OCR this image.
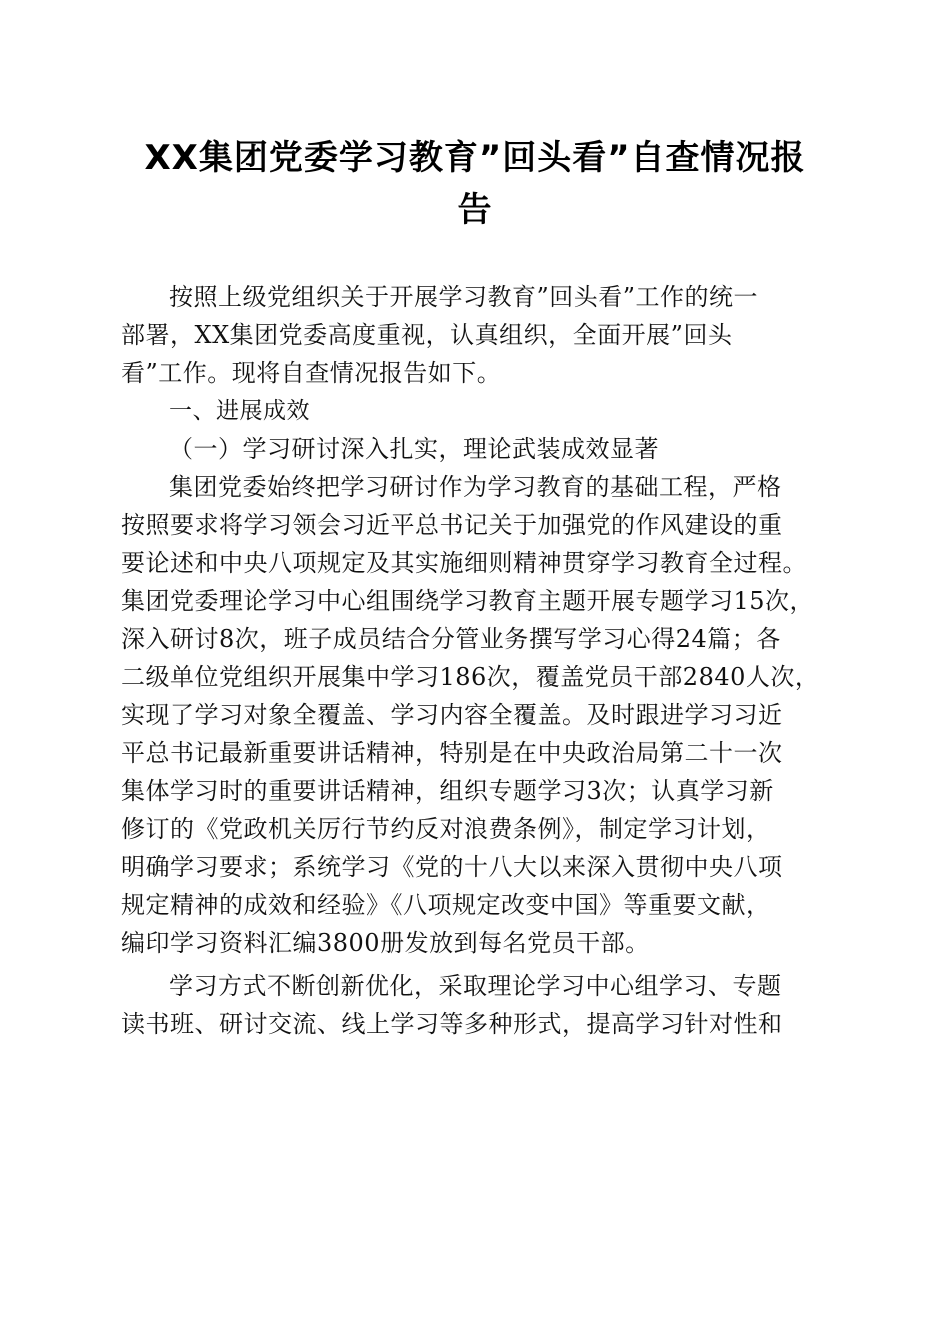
XX集团党委学习教育”回头看”自查情况报
告

按照上级党组织关于开展学习教育”回头看”工作的统一
部署，XX集团党委高度重视，认真组织，全面开展”回头
看”工作。现将自查情况报告如下。

一、进展成效

（一）学习研讨深入扎实，理论武装成效显著

集团党委始终把学习研讨作为学习教育的基础工程，严格
按照要求将学习领会习近平总书记关于加强党的作风建设的重
要论述和中央八项规定及其实施细则精神贯穿学习教育全过程。
集团党委理论学习中心组围绕学习教育主题开展专题学习15次，
深入研讨8次，班子成员结合分管业务撰写学习心得24篇；各
二级单位党组织开展集中学习186次，覆盖党员干部2840人次，
实现了学习对象全覆盖、学习内容全覆盖。及时跟进学习习近
平总书记最新重要讲话精神，特别是在中央政治局第二十一次
集体学习时的重要讲话精神，组织专题学习3次；认真学习新
修订的《党政机关厉行节约反对浪费条例》，制定学习计划，
明确学习要求；系统学习《党的十八大以来深入贯彻中央八项
规定精神的成效和经验》《八项规定改变中国》等重要文献，
编印学习资料汇编3800册发放到每名党员干部。

学习方式不断创新优化，采取理论学习中心组学习、专题
读书班、研讨交流、线上学习等多种形式，提高学习针对性和
